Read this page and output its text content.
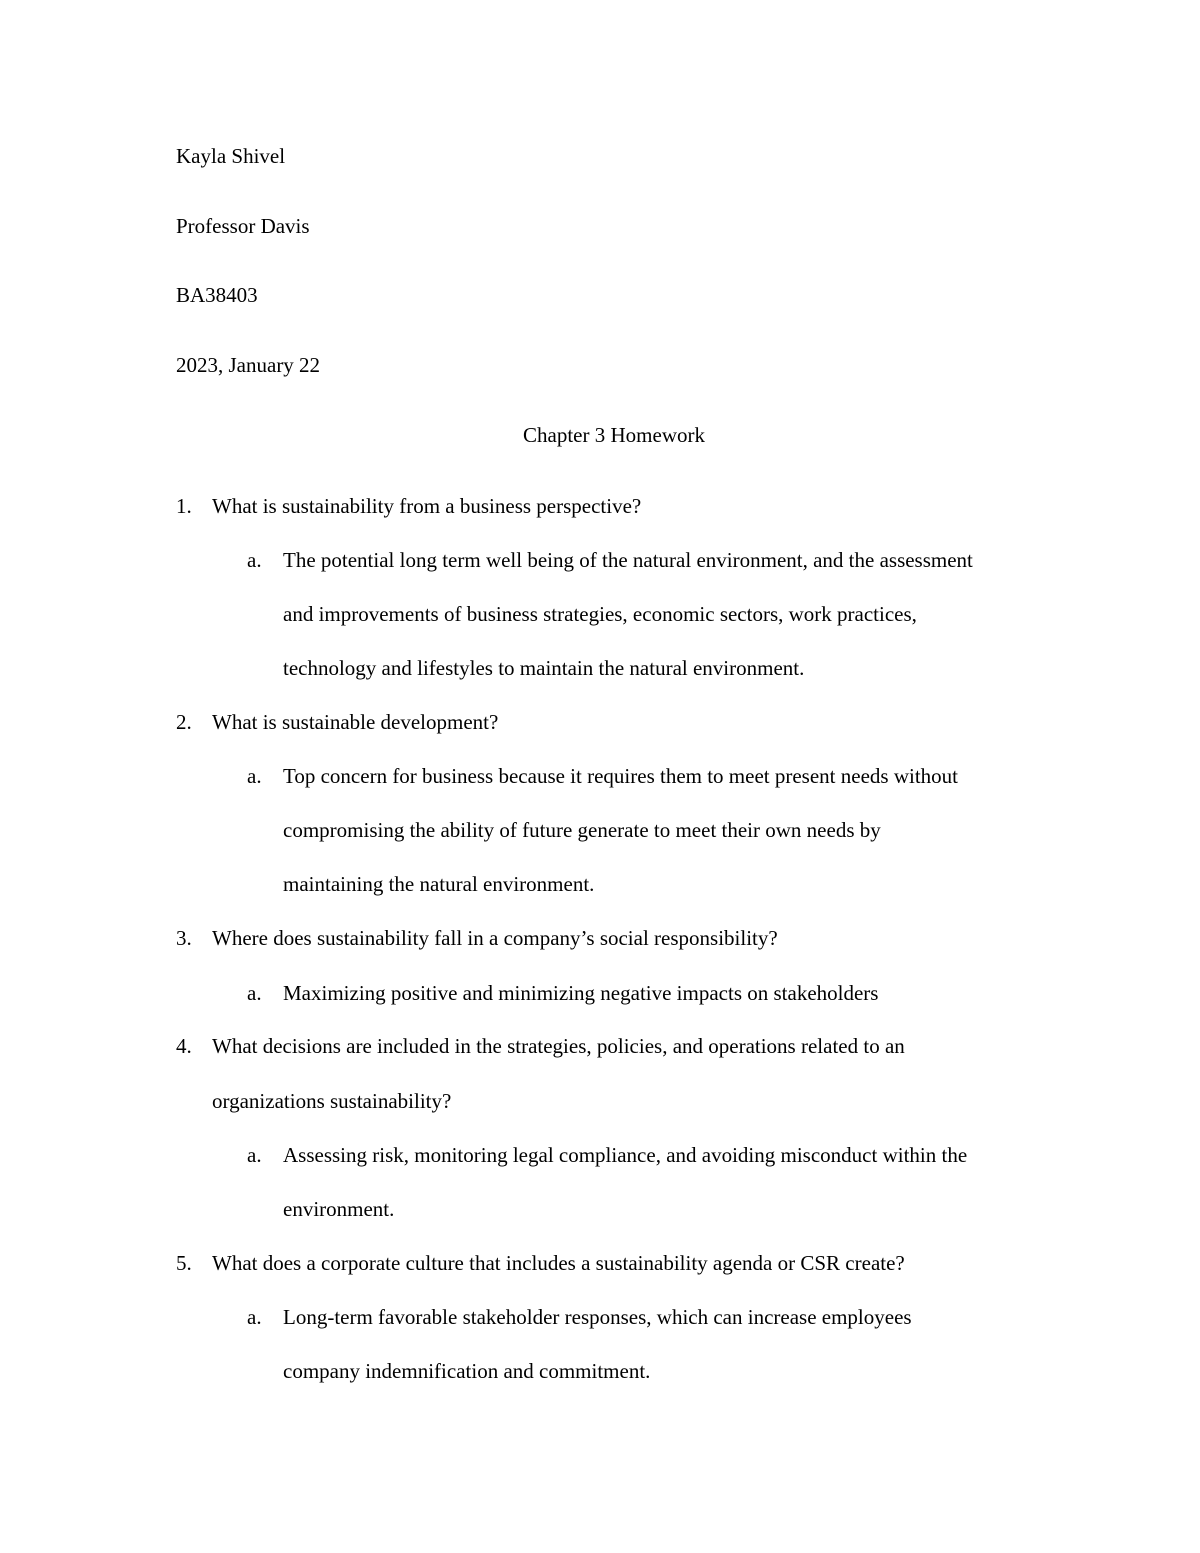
Kayla Shivel
Professor Davis
BA38403
2023, January 22
Chapter 3 Homework
1. What is sustainability from a business perspective?
a. The potential long term well being of the natural environment, and the assessment
and improvements of business strategies, economic sectors, work practices,
technology and lifestyles to maintain the natural environment.
2. What is sustainable development?
a. Top concern for business because it requires them to meet present needs without
compromising the ability of future generate to meet their own needs by
maintaining the natural environment.
3. Where does sustainability fall in a company’s social responsibility?
a. Maximizing positive and minimizing negative impacts on stakeholders
4. What decisions are included in the strategies, policies, and operations related to an
organizations sustainability?
a. Assessing risk, monitoring legal compliance, and avoiding misconduct within the
environment.
5. What does a corporate culture that includes a sustainability agenda or CSR create?
a. Long-term favorable stakeholder responses, which can increase employees
company indemnification and commitment.
